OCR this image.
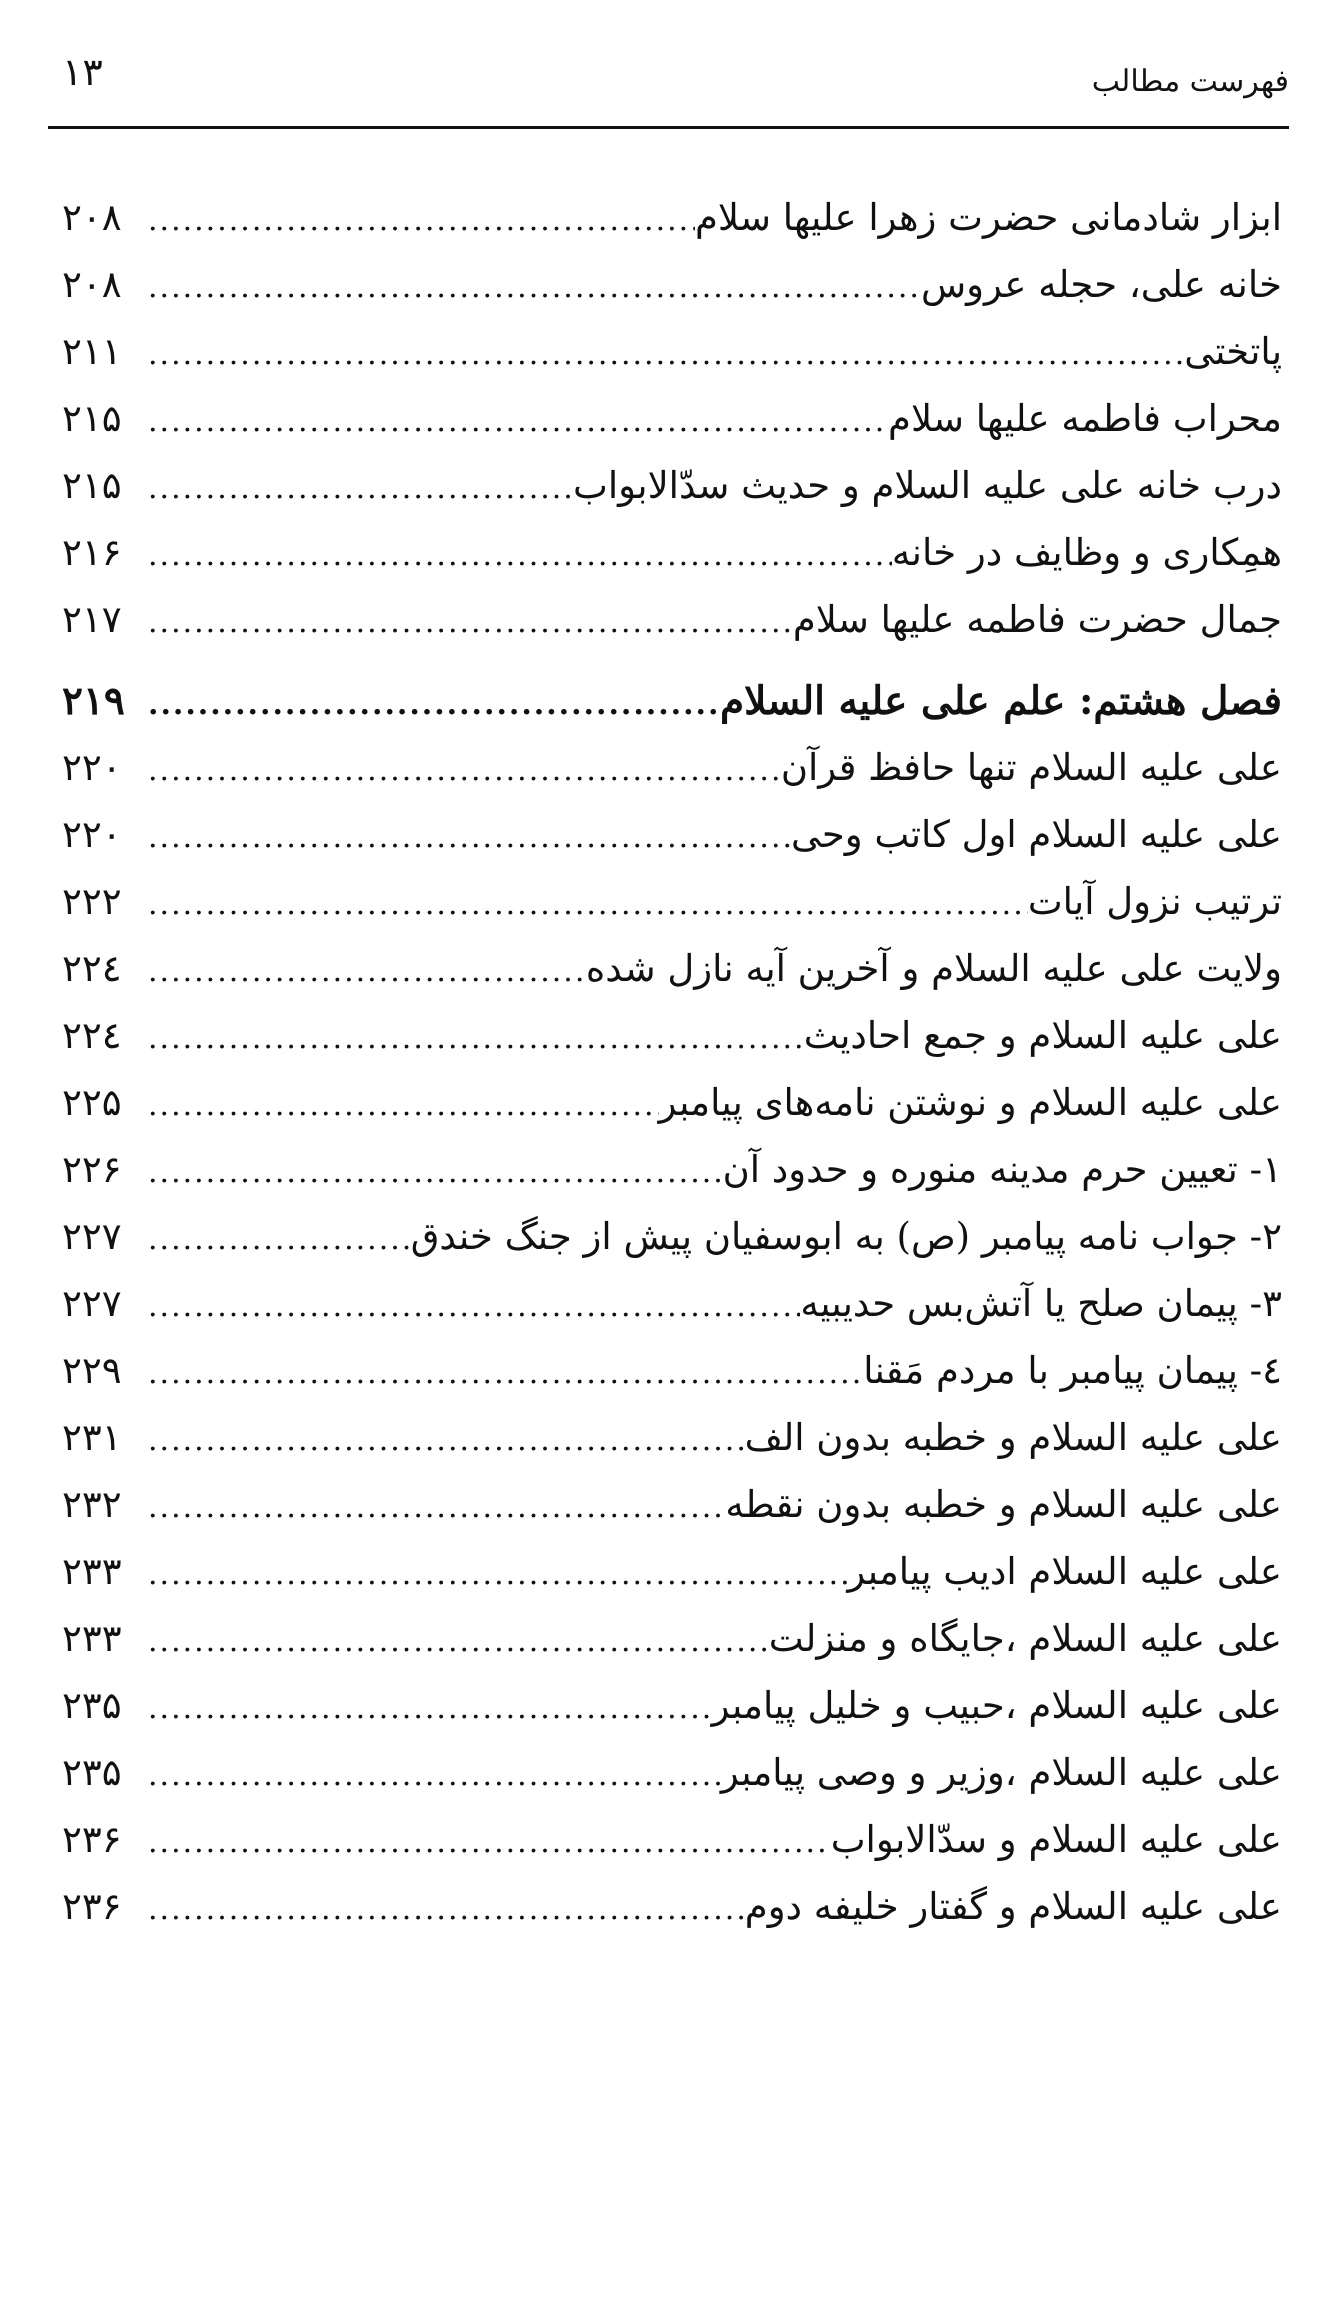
فهرست مطالب
۱۳
ابزار شادمانی حضرت زهرا علیها سلام
.....
۲۰۸
خانه علی، حجله عروس
.....
۲۰۸
پاتختی
.....
۲۱۱
محراب فاطمه علیها سلام
.....
۲۱۵
درب خانه علی علیه السلام و حدیث سدّالابواب
.....
۲۱۵
همِکاری و وظایف در خانه
.....
۲۱۶
جمال حضرت فاطمه علیها سلام
.....
۲۱۷
فصل هشتم: علم علی علیه السلام
.....
۲۱۹
علی علیه السلام تنها حافظ قرآن
.....
۲۲۰
علی علیه السلام اول کاتب وحی
.....
۲۲۰
ترتیب نزول آیات
.....
۲۲۲
ولایت علی علیه السلام و آخرین آیه نازل شده
.....
۲۲٤
علی علیه السلام و جمع احادیث
.....
۲۲٤
علی علیه السلام و نوشتن نامه‌های پیامبر
.....
۲۲۵
۱- تعیین حرم مدینه منوره و حدود آن
.....
۲۲۶
۲- جواب نامه پیامبر (ص) به ابوسفیان پیش از جنگ خندق
.....
۲۲۷
۳- پیمان صلح یا آتش‌بس حدیبیه
.....
۲۲۷
٤- پیمان پیامبر با مردم مَقنا
.....
۲۲۹
علی علیه السلام و خطبه بدون الف
.....
۲۳۱
علی علیه السلام و خطبه بدون نقطه
.....
۲۳۲
علی علیه السلام ادیب پیامبر
.....
۲۳۳
علی علیه السلام ،جایگاه و منزلت
.....
۲۳۳
علی علیه السلام ،حبیب و خلیل پیامبر
.....
۲۳۵
علی علیه السلام ،وزیر و وصی پیامبر
.....
۲۳۵
علی علیه السلام و سدّالابواب
.....
۲۳۶
علی علیه السلام و گفتار خلیفه دوم
.....
۲۳۶
